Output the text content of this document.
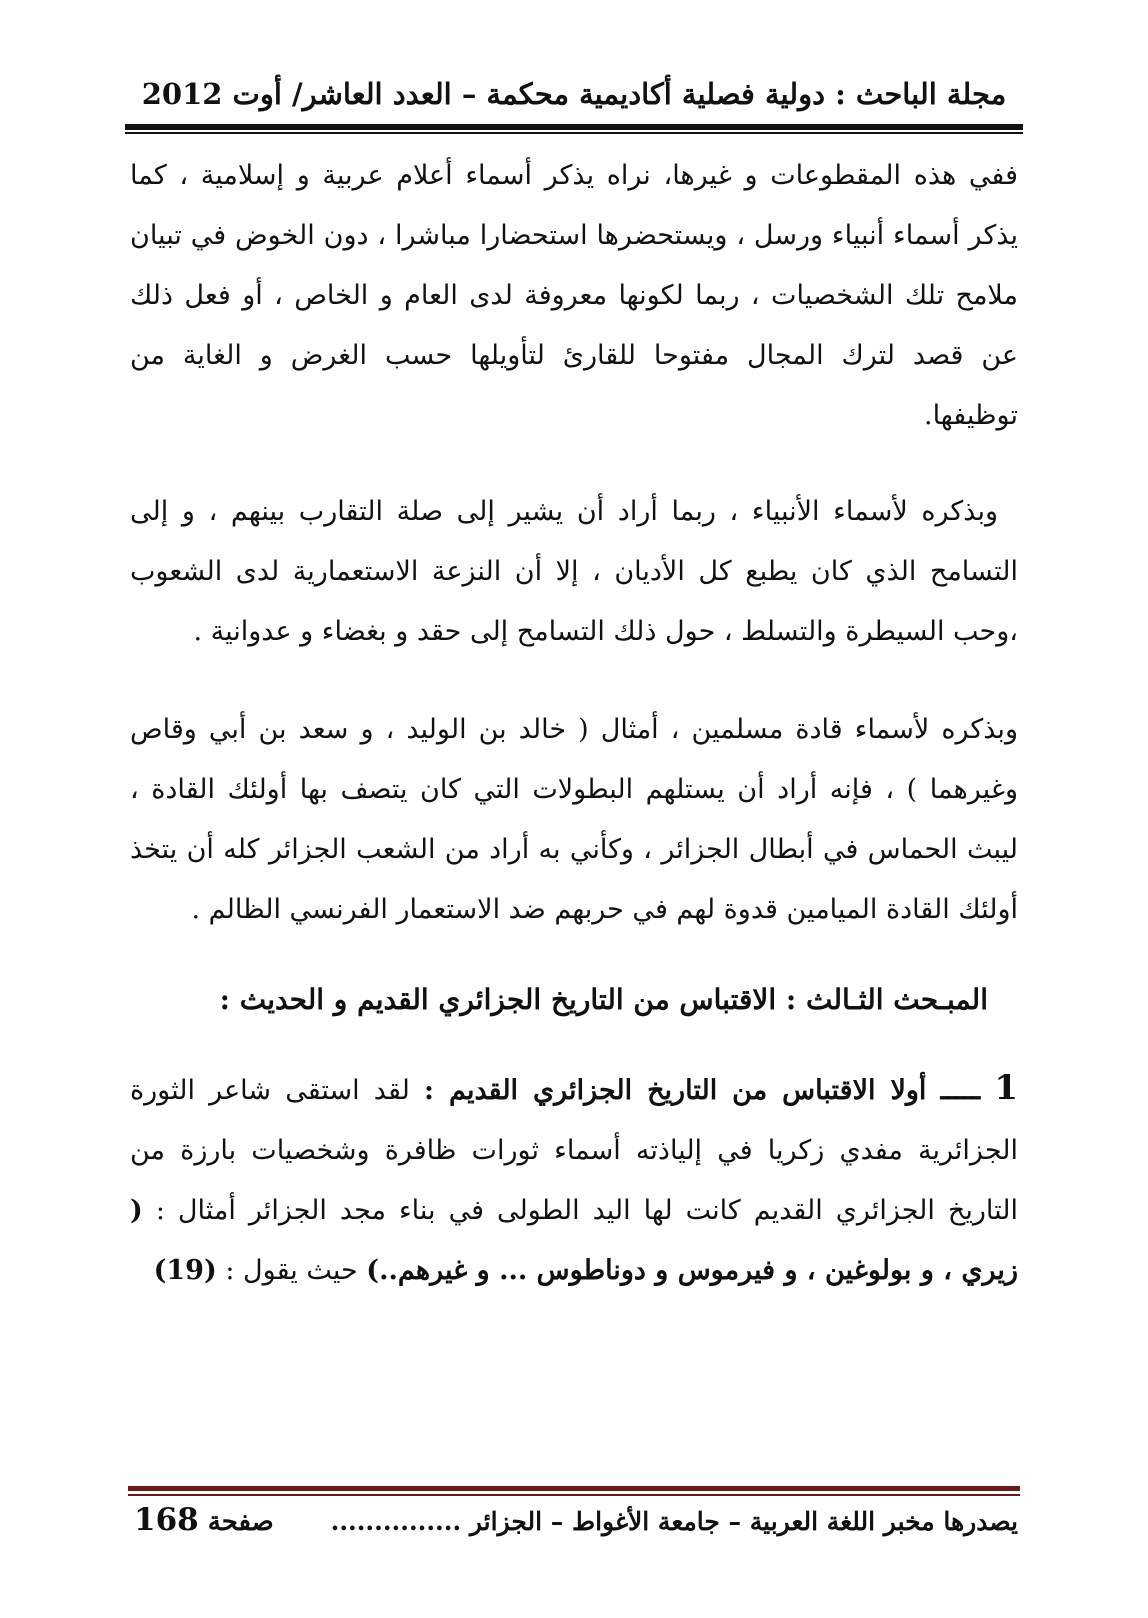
مجلة الباحث : دولية فصلية أكاديمية محكمة – العدد العاشر/ أوت 2012

ففي هذه المقطوعات و غيرها، نراه يذكر أسماء أعلام عربية و إسلامية ، كما يذكر أسماء أنبياء ورسل ، ويستحضرها استحضارا مباشرا ، دون الخوض في تبيان ملامح تلك الشخصيات ، ربما لكونها معروفة لدى العام و الخاص ، أو فعل ذلك عن قصد لترك المجال مفتوحا للقارئ لتأويلها حسب الغرض و الغاية من توظيفها.

وبذكره لأسماء الأنبياء ، ربما أراد أن يشير إلى صلة التقارب بينهم ، و إلى التسامح الذي كان يطبع كل الأديان ، إلا أن النزعة الاستعمارية لدى الشعوب ،وحب السيطرة والتسلط ، حول ذلك التسامح إلى حقد و بغضاء و عدوانية .

وبذكره لأسماء قادة مسلمين ، أمثال ( خالد بن الوليد ، و سعد بن أبي وقاص وغيرهما ) ، فإنه أراد أن يستلهم البطولات التي كان يتصف بها أولئك القادة ، ليبث الحماس في أبطال الجزائر ، وكأني به أراد من الشعب الجزائر كله أن يتخذ أولئك القادة الميامين قدوة لهم في حربهم ضد الاستعمار الفرنسي الظالم .

المبـحث الثـالث : الاقتباس من التاريخ الجزائري القديم و الحديث :

1 ـــــ أولا الاقتباس من التاريخ الجزائري القديم : لقد استقى شاعر الثورة الجزائرية مفدي زكريا في إلياذته أسماء ثورات ظافرة وشخصيات بارزة من التاريخ الجزائري القديم كانت لها اليد الطولى في بناء مجد الجزائر أمثال : ( زيري ، و بولوغين ، و فيرموس و دوناطوس ... و غيرهم..) حيث يقول : (19)

يصدرها مخبر اللغة العربية – جامعة الأغواط – الجزائر ...............
صفحة 168
